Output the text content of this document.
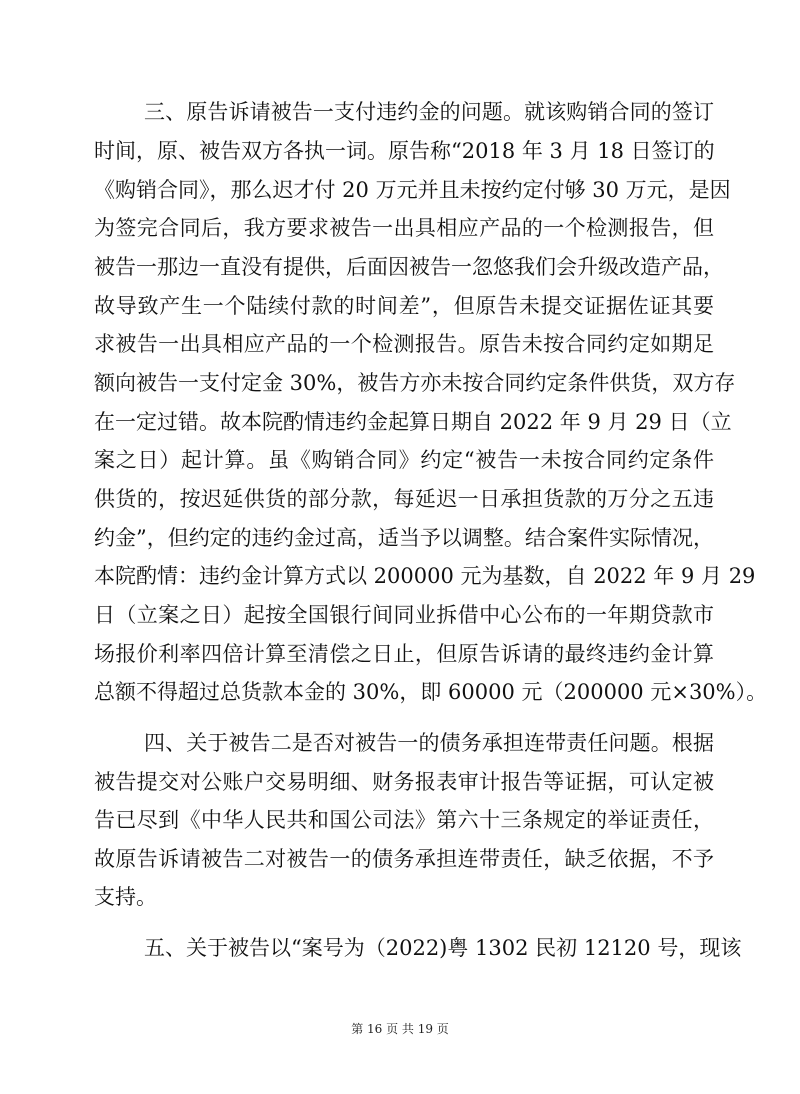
三、原告诉请被告一支付违约金的问题。就该购销合同的签订
时间，原、被告双方各执一词。原告称“2018 年 3 月 18 日签订的
《购销合同》，那么迟才付 20 万元并且未按约定付够 30 万元，是因
为签完合同后，我方要求被告一出具相应产品的一个检测报告，但
被告一那边一直没有提供，后面因被告一忽悠我们会升级改造产品，
故导致产生一个陆续付款的时间差”，但原告未提交证据佐证其要
求被告一出具相应产品的一个检测报告。原告未按合同约定如期足
额向被告一支付定金 30%，被告方亦未按合同约定条件供货，双方存
在一定过错。故本院酌情违约金起算日期自 2022 年 9 月 29 日（立
案之日）起计算。虽《购销合同》约定“被告一未按合同约定条件
供货的，按迟延供货的部分款，每延迟一日承担货款的万分之五违
约金”，但约定的违约金过高，适当予以调整。结合案件实际情况，
本院酌情：违约金计算方式以 200000 元为基数，自 2022 年 9 月 29
日（立案之日）起按全国银行间同业拆借中心公布的一年期贷款市
场报价利率四倍计算至清偿之日止，但原告诉请的最终违约金计算
总额不得超过总货款本金的 30%，即 60000 元（200000 元×30%）。
四、关于被告二是否对被告一的债务承担连带责任问题。根据
被告提交对公账户交易明细、财务报表审计报告等证据，可认定被
告已尽到《中华人民共和国公司法》第六十三条规定的举证责任，
故原告诉请被告二对被告一的债务承担连带责任，缺乏依据，不予
支持。
五、关于被告以“案号为（2022)粤 1302 民初 12120 号，现该
第 16 页 共 19 页
